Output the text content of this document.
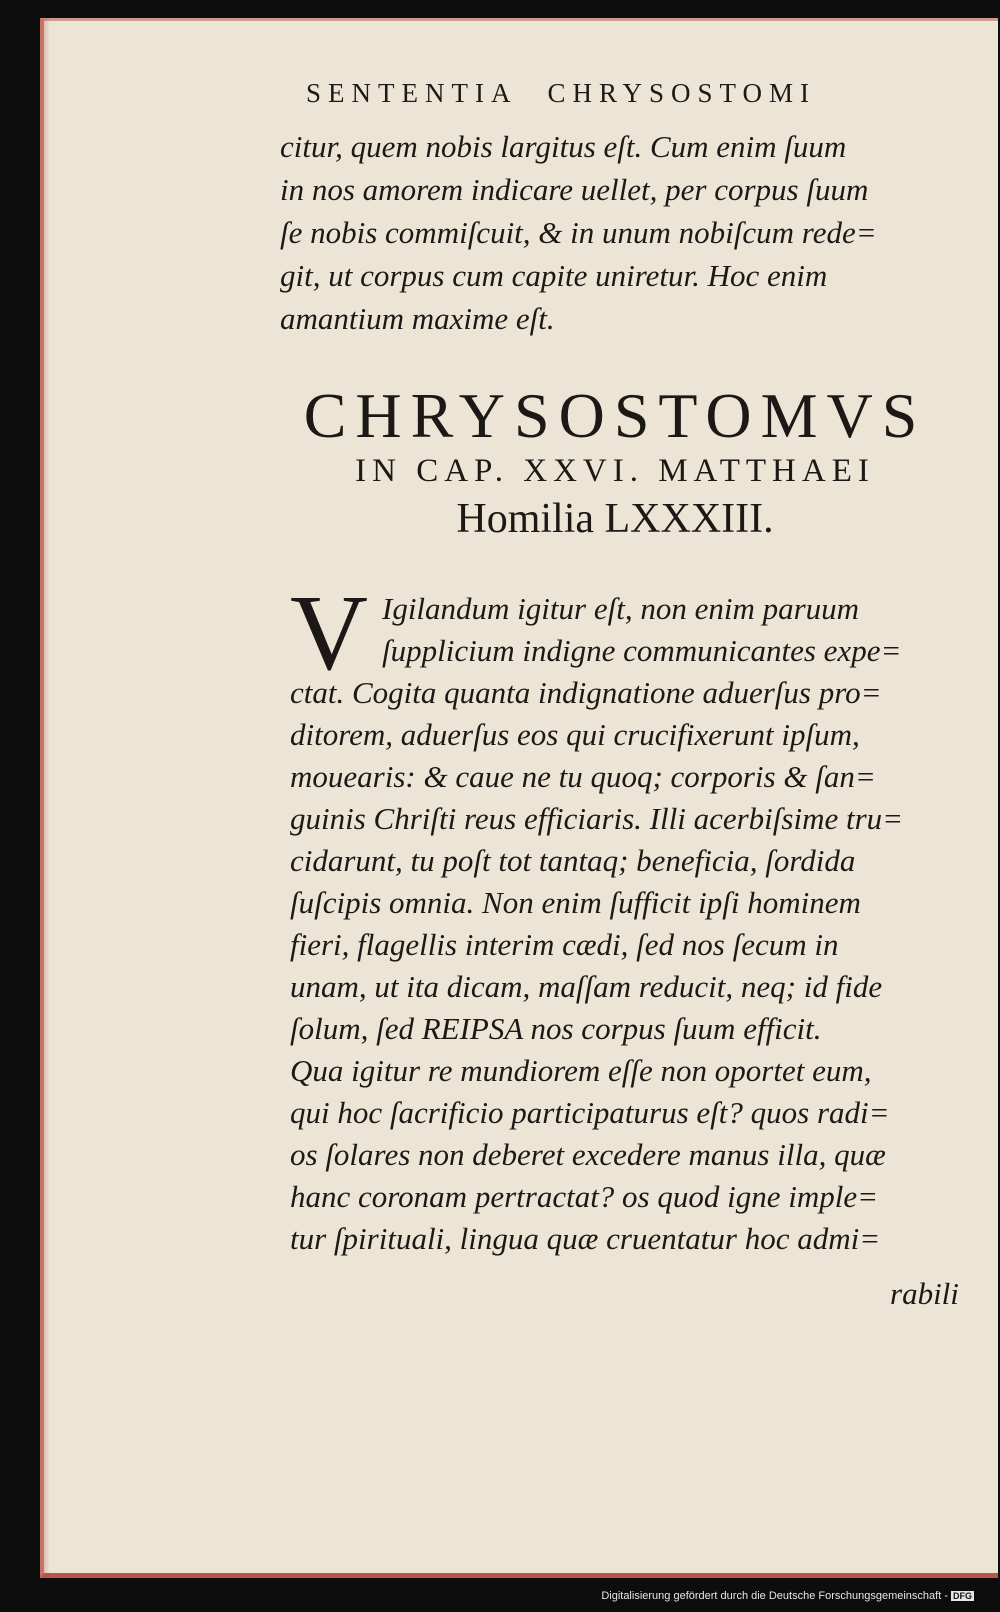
SENTENTIA CHRYSOSTOMI
citur, quem nobis largitus eſt. Cum enim ſuum
in nos amorem indicare uellet, per corpus ſuum
ſe nobis commiſcuit, & in unum nobiſcum rede=
git, ut corpus cum capite uniretur. Hoc enim
amantium maxime eſt.
CHRYSOSTOMVS
IN CAP. XXVI. MATTHAEI
Homilia LXXXIII.
V Igilandum igitur eſt, non enim paruum
ſupplicium indigne communicantes expe=
ctat. Cogita quanta indignatione aduerſus pro=
ditorem, aduerſus eos qui crucifixerunt ipſum,
mouearis: & caue ne tu quoq; corporis & ſan=
guinis Chriſti reus efficiaris. Illi acerbiſsime tru=
cidarunt, tu poſt tot tantaq; beneficia, ſordida
ſuſcipis omnia. Non enim ſufficit ipſi hominem
fieri, flagellis interim cædi, ſed nos ſecum in
unam, ut ita dicam, maſſam reducit, neq; id fide
ſolum, ſed REIPSA nos corpus ſuum efficit.
Qua igitur re mundiorem eſſe non oportet eum,
qui hoc ſacrificio participaturus eſt? quos radi=
os ſolares non deberet excedere manus illa, quæ
hanc coronam pertractat? os quod igne imple=
tur ſpirituali, lingua quæ cruentatur hoc admi=
rabili
Digitalisierung gefördert durch die Deutsche Forschungsgemeinschaft - DFG
